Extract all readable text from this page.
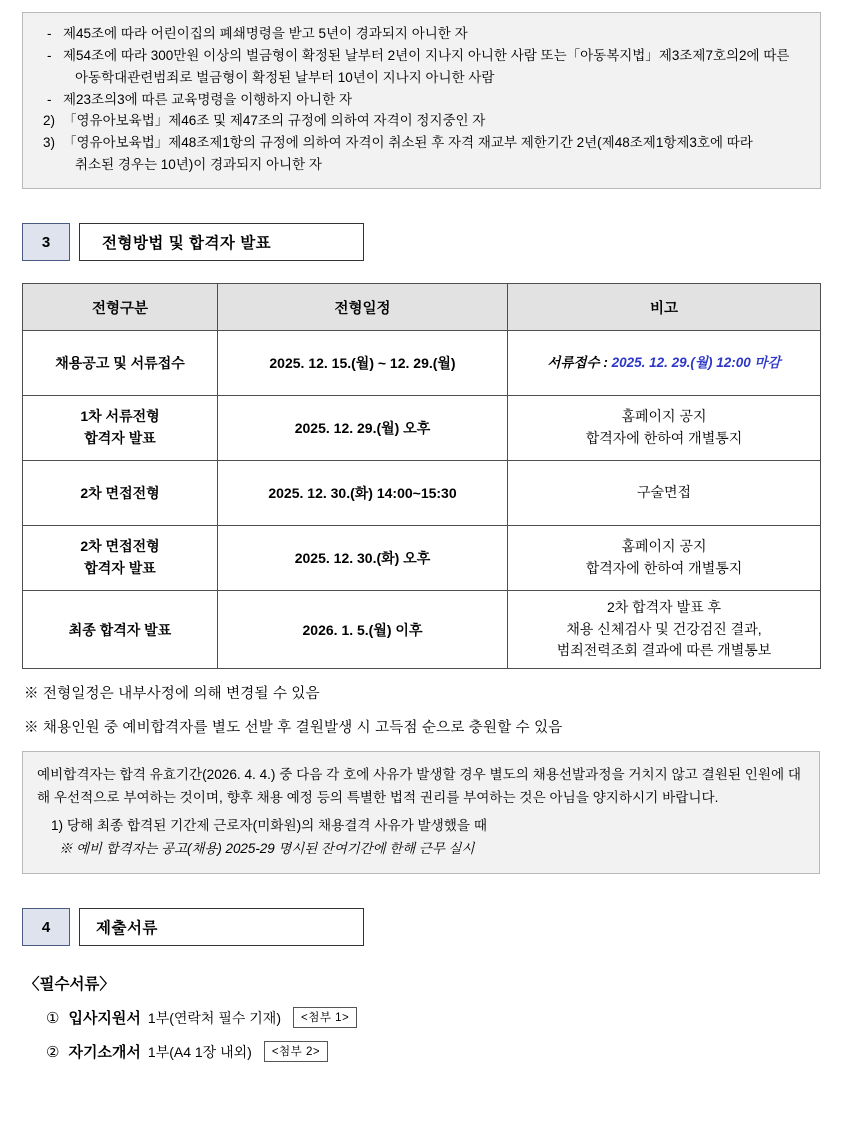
- 제45조에 따라 어린이집의 폐쇄명령을 받고 5년이 경과되지 아니한 자
- 제54조에 따라 300만원 이상의 벌금형이 확정된 날부터 2년이 지나지 아니한 사람 또는「아동복지법」제3조제7호의2에 따른
아동학대관련범죄로 벌금형이 확정된 날부터 10년이 지나지 아니한 사람
- 제23조의3에 따른 교육명령을 이행하지 아니한 자
2) 「영유아보육법」제46조 및 제47조의 규정에 의하여 자격이 정지중인 자
3) 「영유아보육법」제48조제1항의 규정에 의하여 자격이 취소된 후 자격 재교부 제한기간 2년(제48조제1항제3호에 따라
취소된 경우는 10년)이 경과되지 아니한 자
3	전형방법 및 합격자 발표
전형구분	전형일정	비고
채용공고 및 서류접수	2025. 12. 15.(월) ~ 12. 29.(월)	서류접수 : 2025. 12. 29.(월) 12:00 마감

1차 서류전형
합격자 발표	2025. 12. 29.(월) 오후	홈페이지 공지
합격자에 한하여 개별통지

2차 면접전형	2025. 12. 30.(화) 14:00~15:30	구술면접

2차 면접전형
합격자 발표	2025. 12. 30.(화) 오후	홈페이지 공지
합격자에 한하여 개별통지

최종 합격자 발표	2026. 1. 5.(월) 이후	2차 합격자 발표 후
채용 신체검사 및 건강검진 결과,
범죄전력조회 결과에 따른 개별통보
※ 전형일정은 내부사정에 의해 변경될 수 있음
※ 채용인원 중 예비합격자를 별도 선발 후 결원발생 시 고득점 순으로 충원할 수 있음

예비합격자는 합격 유효기간(2026. 4. 4.) 중 다음 각 호에 사유가 발생할 경우 별도의 채용선발과정을 거치지 않고 결원된 인원에 대해 우선적으로 부여하는 것이며, 향후 채용 예정 등의 특별한 법적 권리를 부여하는 것은 아님을 양지하시기 바랍니다.

1) 당해 최종 합격된 기간제 근로자(미화원)의 채용결격 사유가 발생했을 때
※ 예비 합격자는 공고(채용) 2025-29 명시된 잔여기간에 한해 근무 실시
4	제출서류
〈필수서류〉
① 입사지원서 1부(연락처 필수 기재)	<첨부 1>
② 자기소개서 1부(A4 1장 내외)	<첨부 2>
